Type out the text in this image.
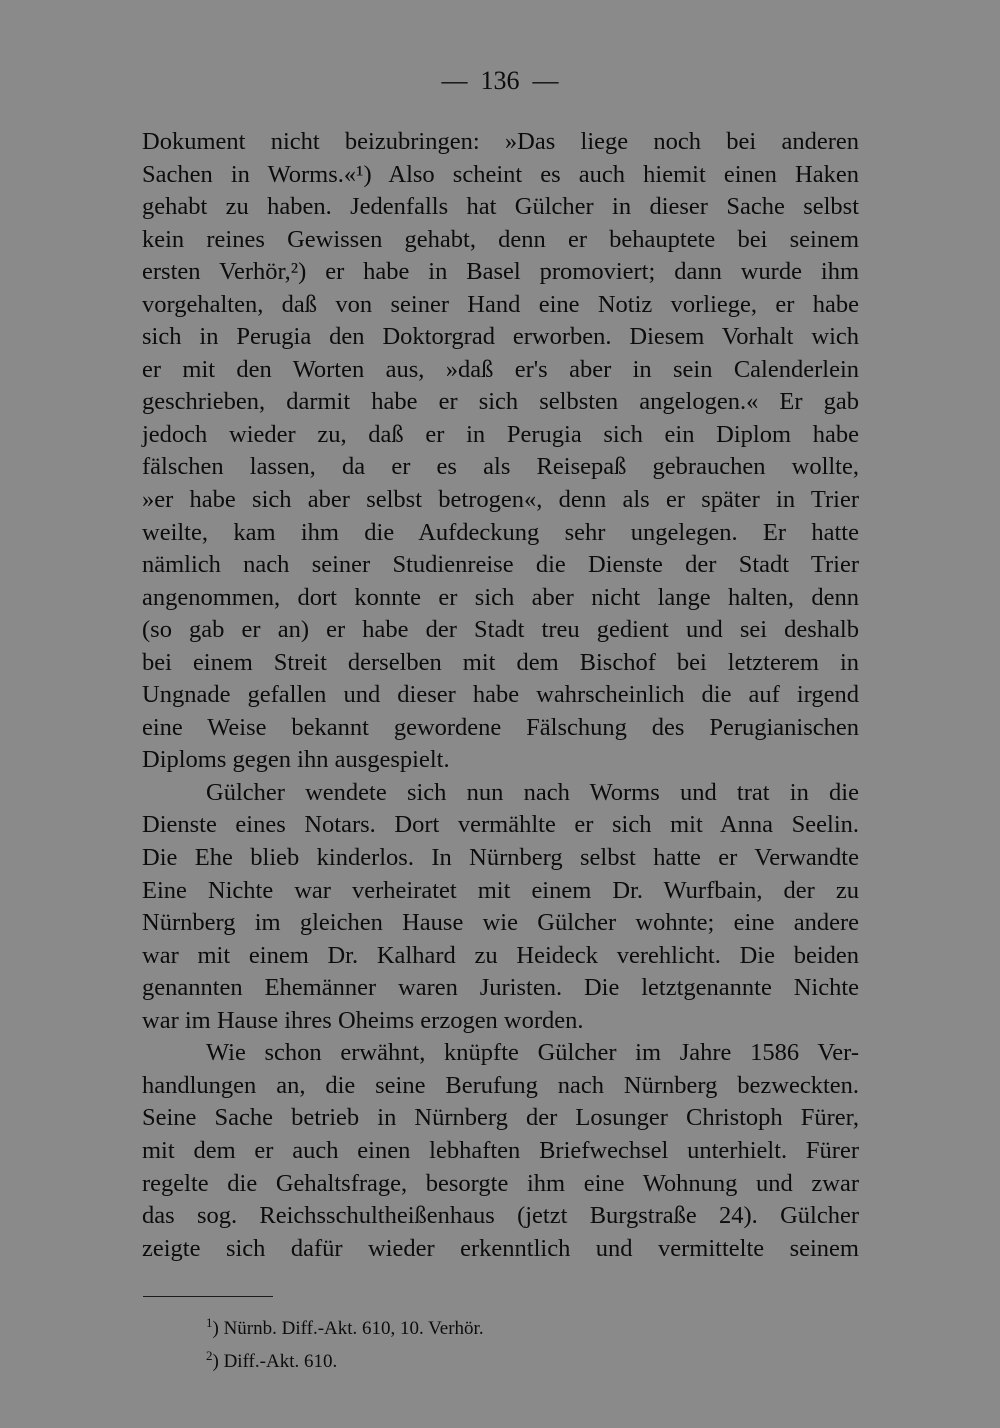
—  136  —
Dokument nicht beizubringen: »Das liege noch bei anderen
Sachen in Worms.«¹) Also scheint es auch hiemit einen Haken
gehabt zu haben. Jedenfalls hat Gülcher in dieser Sache selbst
kein reines Gewissen gehabt, denn er behauptete bei seinem
ersten Verhör,²) er habe in Basel promoviert; dann wurde ihm
vorgehalten, daß von seiner Hand eine Notiz vorliege, er habe
sich in Perugia den Doktorgrad erworben. Diesem Vorhalt wich
er mit den Worten aus, »daß er's aber in sein Calenderlein
geschrieben, darmit habe er sich selbsten angelogen.« Er gab
jedoch wieder zu, daß er in Perugia sich ein Diplom habe
fälschen lassen, da er es als Reisepaß gebrauchen wollte,
»er habe sich aber selbst betrogen«, denn als er später in Trier
weilte, kam ihm die Aufdeckung sehr ungelegen. Er hatte
nämlich nach seiner Studienreise die Dienste der Stadt Trier
angenommen, dort konnte er sich aber nicht lange halten, denn
(so gab er an) er habe der Stadt treu gedient und sei deshalb
bei einem Streit derselben mit dem Bischof bei letzterem in
Ungnade gefallen und dieser habe wahrscheinlich die auf irgend
eine Weise bekannt gewordene Fälschung des Perugianischen
Diploms gegen ihn ausgespielt.
Gülcher wendete sich nun nach Worms und trat in die
Dienste eines Notars. Dort vermählte er sich mit Anna Seelin.
Die Ehe blieb kinderlos. In Nürnberg selbst hatte er Verwandte
Eine Nichte war verheiratet mit einem Dr. Wurfbain, der zu
Nürnberg im gleichen Hause wie Gülcher wohnte; eine andere
war mit einem Dr. Kalhard zu Heideck verehlicht. Die beiden
genannten Ehemänner waren Juristen. Die letztgenannte Nichte
war im Hause ihres Oheims erzogen worden.
Wie schon erwähnt, knüpfte Gülcher im Jahre 1586 Ver-
handlungen an, die seine Berufung nach Nürnberg bezweckten.
Seine Sache betrieb in Nürnberg der Losunger Christoph Fürer,
mit dem er auch einen lebhaften Briefwechsel unterhielt. Fürer
regelte die Gehaltsfrage, besorgte ihm eine Wohnung und zwar
das sog. Reichsschultheißenhaus (jetzt Burgstraße 24). Gülcher
zeigte sich dafür wieder erkenntlich und vermittelte seinem
$^1$) Nürnb. Diff.-Akt. 610, 10. Verhör.
$^2$) Diff.-Akt. 610.
